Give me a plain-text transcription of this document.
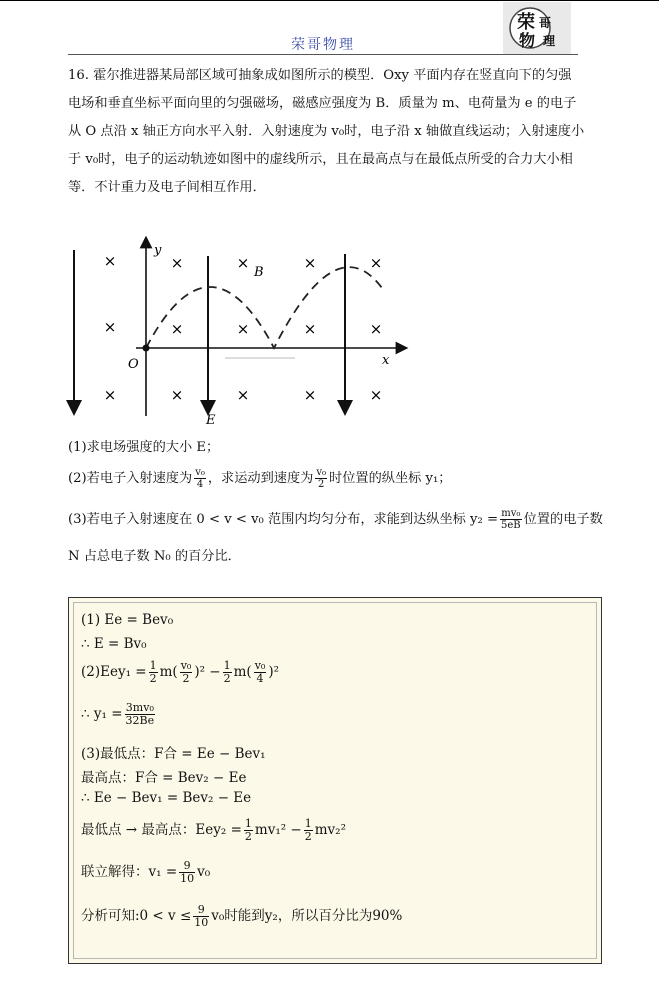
荣哥物理
荣 哥
物 理

16. 霍尔推进器某局部区域可抽象成如图所示的模型．Oxy 平面内存在竖直向下的匀强

电场和垂直坐标平面向里的匀强磁场，磁感应强度为 B．质量为 m、电荷量为 e 的电子

从 O 点沿 x 轴正方向水平入射．入射速度为 v₀时，电子沿 x 轴做直线运动；入射速度小

于 v₀时，电子的运动轨迹如图中的虚线所示，且在最高点与在最低点所受的合力大小相

等．不计重力及电子间相互作用．

×	×	×	×	×
×	×	×	×	×
×	×	×	×	×
y
B
O	x
E
(1)求电场强度的大小 E；
(2)若电子入射速度为 $\frac{\text{v₀}}{4}$ ，求运动到速度为 $\frac{\text{v₀}}{2}$ 时位置的纵坐标 y₁；
(3)若电子入射速度在 0 < v < v₀ 范围内均匀分布，求能到达纵坐标 $y_2 = \frac{\text{mv₀}}{5eB}$ 位置的电子数
N 占总电子数 N₀ 的百分比．
(1) Ee = Bev₀
∴ E = Bv₀
$(2)Eey_1 = \frac{1}{2} m( \frac{\text{v₀}}{2} )^2 - \frac{1}{2} m( \frac{\text{v₀}}{4} )^2$
∴ $y_1 = \frac{\text{3mv₀}}{32Be}$
(3)最低点：F合 = Ee − Bev₁
最高点：F合 = Bev₂ − Ee
∴ Ee − Bev₁ = Bev₂ − Ee
最低点 → 最高点：$Eey_2 = \frac{1}{2} mv_1^2 - \frac{1}{2} mv_2^2$
联立解得：$v_1 = \frac{9}{10} v_0$
分析可知:0 < $v \le \frac{9}{10} v_0$时能到y₂，所以百分比为90%
